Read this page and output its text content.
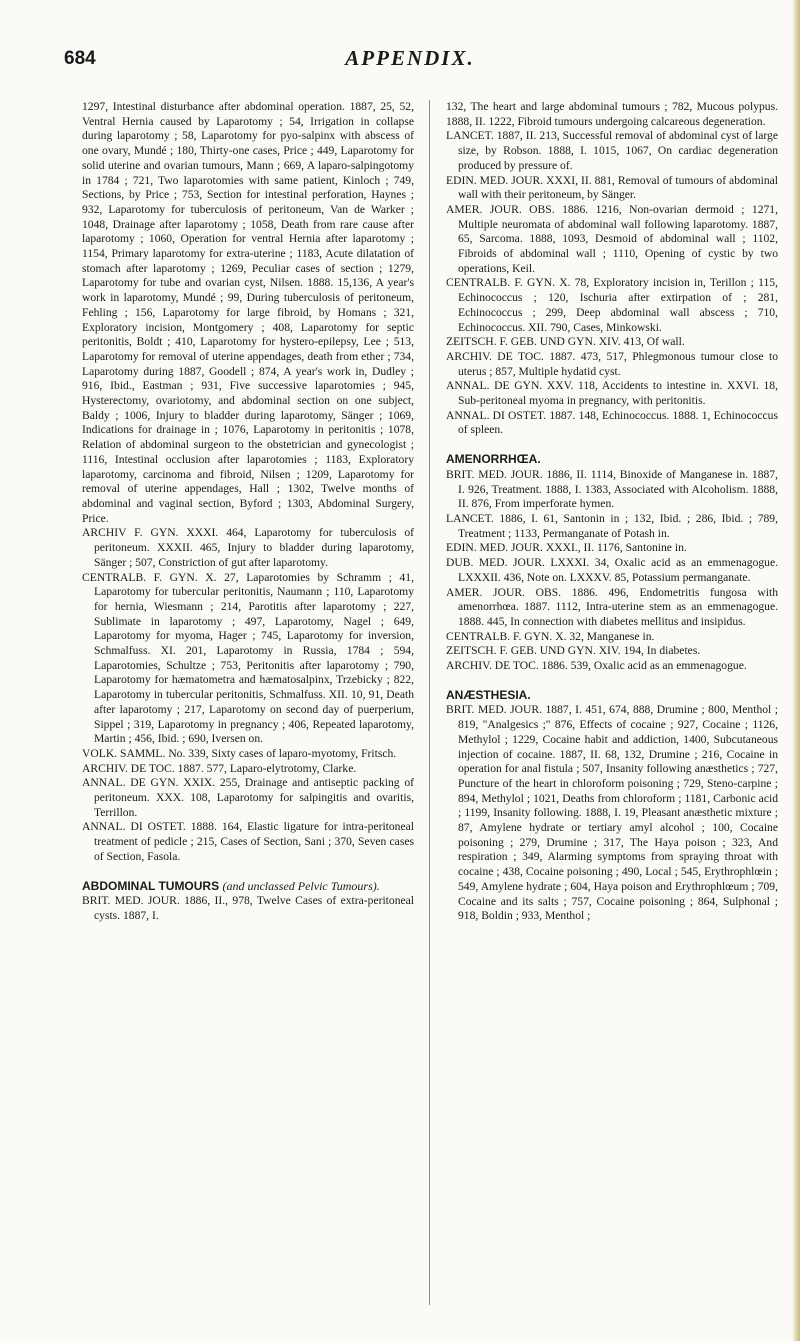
684	APPENDIX.

1297, Intestinal disturbance after abdominal operation. 1887, 25, 52, Ventral Hernia caused by Laparotomy ; 54, Irrigation in collapse during laparotomy ; 58, Laparotomy for pyo-salpinx with abscess of one ovary, Mundé ; 180, Thirty-one cases, Price ; 449, Laparotomy for solid uterine and ovarian tumours, Mann ; 669, A laparo-salpingotomy in 1784 ; 721, Two laparotomies with same patient, Kinloch ; 749, Sections, by Price ; 753, Section for intestinal perforation, Haynes ; 932, Laparotomy for tuberculosis of peritoneum, Van de Warker ; 1048, Drainage after laparotomy ; 1058, Death from rare cause after laparotomy ; 1060, Operation for ventral Hernia after laparotomy ; 1154, Primary laparotomy for extra-uterine ; 1183, Acute dilatation of stomach after laparotomy ; 1269, Peculiar cases of section ; 1279, Laparotomy for tube and ovarian cyst, Nilsen. 1888. 15,136, A year's work in laparotomy, Mundé ; 99, During tuberculosis of peritoneum, Fehling ; 156, Laparotomy for large fibroid, by Homans ; 321, Exploratory incision, Montgomery ; 408, Laparotomy for septic peritonitis, Boldt ; 410, Laparotomy for hystero-epilepsy, Lee ; 513, Laparotomy for removal of uterine appendages, death from ether ; 734, Laparotomy during 1887, Goodell ; 874, A year's work in, Dudley ; 916, Ibid., Eastman ; 931, Five successive laparotomies ; 945, Hysterectomy, ovariotomy, and abdominal section on one subject, Baldy ; 1006, Injury to bladder during laparotomy, Sänger ; 1069, Indications for drainage in ; 1076, Laparotomy in peritonitis ; 1078, Relation of abdominal surgeon to the obstetrician and gynecologist ; 1116, Intestinal occlusion after laparotomies ; 1183, Exploratory laparotomy, carcinoma and fibroid, Nilsen ; 1209, Laparotomy for removal of uterine appendages, Hall ; 1302, Twelve months of abdominal and vaginal section, Byford ; 1303, Abdominal Surgery, Price.

ARCHIV F. GYN. XXXI. 464, Laparotomy for tuberculosis of peritoneum. XXXII. 465, Injury to bladder during laparotomy, Sänger ; 507, Constriction of gut after laparotomy.

CENTRALB. F. GYN. X. 27, Laparotomies by Schramm ; 41, Laparotomy for tubercular peritonitis, Naumann ; 110, Laparotomy for hernia, Wiesmann ; 214, Parotitis after laparotomy ; 227, Sublimate in laparotomy ; 497, Laparotomy, Nagel ; 649, Laparotomy for myoma, Hager ; 745, Laparotomy for inversion, Schmalfuss. XI. 201, Laparotomy in Russia, 1784 ; 594, Laparotomies, Schultze ; 753, Peritonitis after laparotomy ; 790, Laparotomy for hæmatometra and hæmatosalpinx, Trzebicky ; 822, Laparotomy in tubercular peritonitis, Schmalfuss. XII. 10, 91, Death after laparotomy ; 217, Laparotomy on second day of puerperium, Sippel ; 319, Laparotomy in pregnancy ; 406, Repeated laparotomy, Martin ; 456, Ibid. ; 690, Iversen on.

VOLK. SAMML. No. 339, Sixty cases of laparo-myotomy, Fritsch.

ARCHIV. DE TOC. 1887. 577, Laparo-elytrotomy, Clarke.

ANNAL. DE GYN. XXIX. 255, Drainage and antiseptic packing of peritoneum. XXX. 108, Laparotomy for salpingitis and ovaritis, Terrillon.

ANNAL. DI OSTET. 1888. 164, Elastic ligature for intra-peritoneal treatment of pedicle ; 215, Cases of Section, Sani ; 370, Seven cases of Section, Fasola.

ABDOMINAL TUMOURS (and unclassed Pelvic Tumours).

BRIT. MED. JOUR. 1886, II., 978, Twelve Cases of extra-peritoneal cysts. 1887, I.

132, The heart and large abdominal tumours ; 782, Mucous polypus. 1888, II. 1222, Fibroid tumours undergoing calcareous degeneration.

LANCET. 1887, II. 213, Successful removal of abdominal cyst of large size, by Robson. 1888, I. 1015, 1067, On cardiac degeneration produced by pressure of.

EDIN. MED. JOUR. XXXI, II. 881, Removal of tumours of abdominal wall with their peritoneum, by Sänger.

AMER. JOUR. OBS. 1886. 1216, Non-ovarian dermoid ; 1271, Multiple neuromata of abdominal wall following laparotomy. 1887, 65, Sarcoma. 1888, 1093, Desmoid of abdominal wall ; 1102, Fibroids of abdominal wall ; 1110, Opening of cystic by two operations, Keil.

CENTRALB. F. GYN. X. 78, Exploratory incision in, Terillon ; 115, Echinococcus ; 120, Ischuria after extirpation of ; 281, Echinococcus ; 299, Deep abdominal wall abscess ; 710, Echinococcus. XII. 790, Cases, Minkowski.

ZEITSCH. F. GEB. UND GYN. XIV. 413, Of wall.

ARCHIV. DE TOC. 1887. 473, 517, Phlegmonous tumour close to uterus ; 857, Multiple hydatid cyst.

ANNAL. DE GYN. XXV. 118, Accidents to intestine in. XXVI. 18, Sub-peritoneal myoma in pregnancy, with peritonitis.

ANNAL. DI OSTET. 1887. 148, Echinococcus. 1888. 1, Echinococcus of spleen.

AMENORRHŒA.

BRIT. MED. JOUR. 1886, II. 1114, Binoxide of Manganese in. 1887, I. 926, Treatment. 1888, I. 1383, Associated with Alcoholism. 1888, II. 876, From imperforate hymen.

LANCET. 1886, I. 61, Santonin in ; 132, Ibid. ; 286, Ibid. ; 789, Treatment ; 1133, Permanganate of Potash in.

EDIN. MED. JOUR. XXXI., II. 1176, Santonine in.

DUB. MED. JOUR. LXXXI. 34, Oxalic acid as an emmenagogue. LXXXII. 436, Note on. LXXXV. 85, Potassium permanganate.

AMER. JOUR. OBS. 1886. 496, Endometritis fungosa with amenorrhœa. 1887. 1112, Intra-uterine stem as an emmenagogue. 1888. 445, In connection with diabetes mellitus and insipidus.

CENTRALB. F. GYN. X. 32, Manganese in.

ZEITSCH. F. GEB. UND GYN. XIV. 194, In diabetes.

ARCHIV. DE TOC. 1886. 539, Oxalic acid as an emmenagogue.

ANÆSTHESIA.

BRIT. MED. JOUR. 1887, I. 451, 674, 888, Drumine ; 800, Menthol ; 819, "Analgesics ;" 876, Effects of cocaine ; 927, Cocaine ; 1126, Methylol ; 1229, Cocaine habit and addiction, 1400, Subcutaneous injection of cocaine. 1887, II. 68, 132, Drumine ; 216, Cocaine in operation for anal fistula ; 507, Insanity following anæsthetics ; 727, Puncture of the heart in chloroform poisoning ; 729, Steno-carpine ; 894, Methylol ; 1021, Deaths from chloroform ; 1181, Carbonic acid ; 1199, Insanity following. 1888, I. 19, Pleasant anæsthetic mixture ; 87, Amylene hydrate or tertiary amyl alcohol ; 100, Cocaine poisoning ; 279, Drumine ; 317, The Haya poison ; 323, And respiration ; 349, Alarming symptoms from spraying throat with cocaine ; 438, Cocaine poisoning ; 490, Local ; 545, Erythrophlœin ; 549, Amylene hydrate ; 604, Haya poison and Erythrophlœum ; 709, Cocaine and its salts ; 757, Cocaine poisoning ; 864, Sulphonal ; 918, Boldin ; 933, Menthol ;
